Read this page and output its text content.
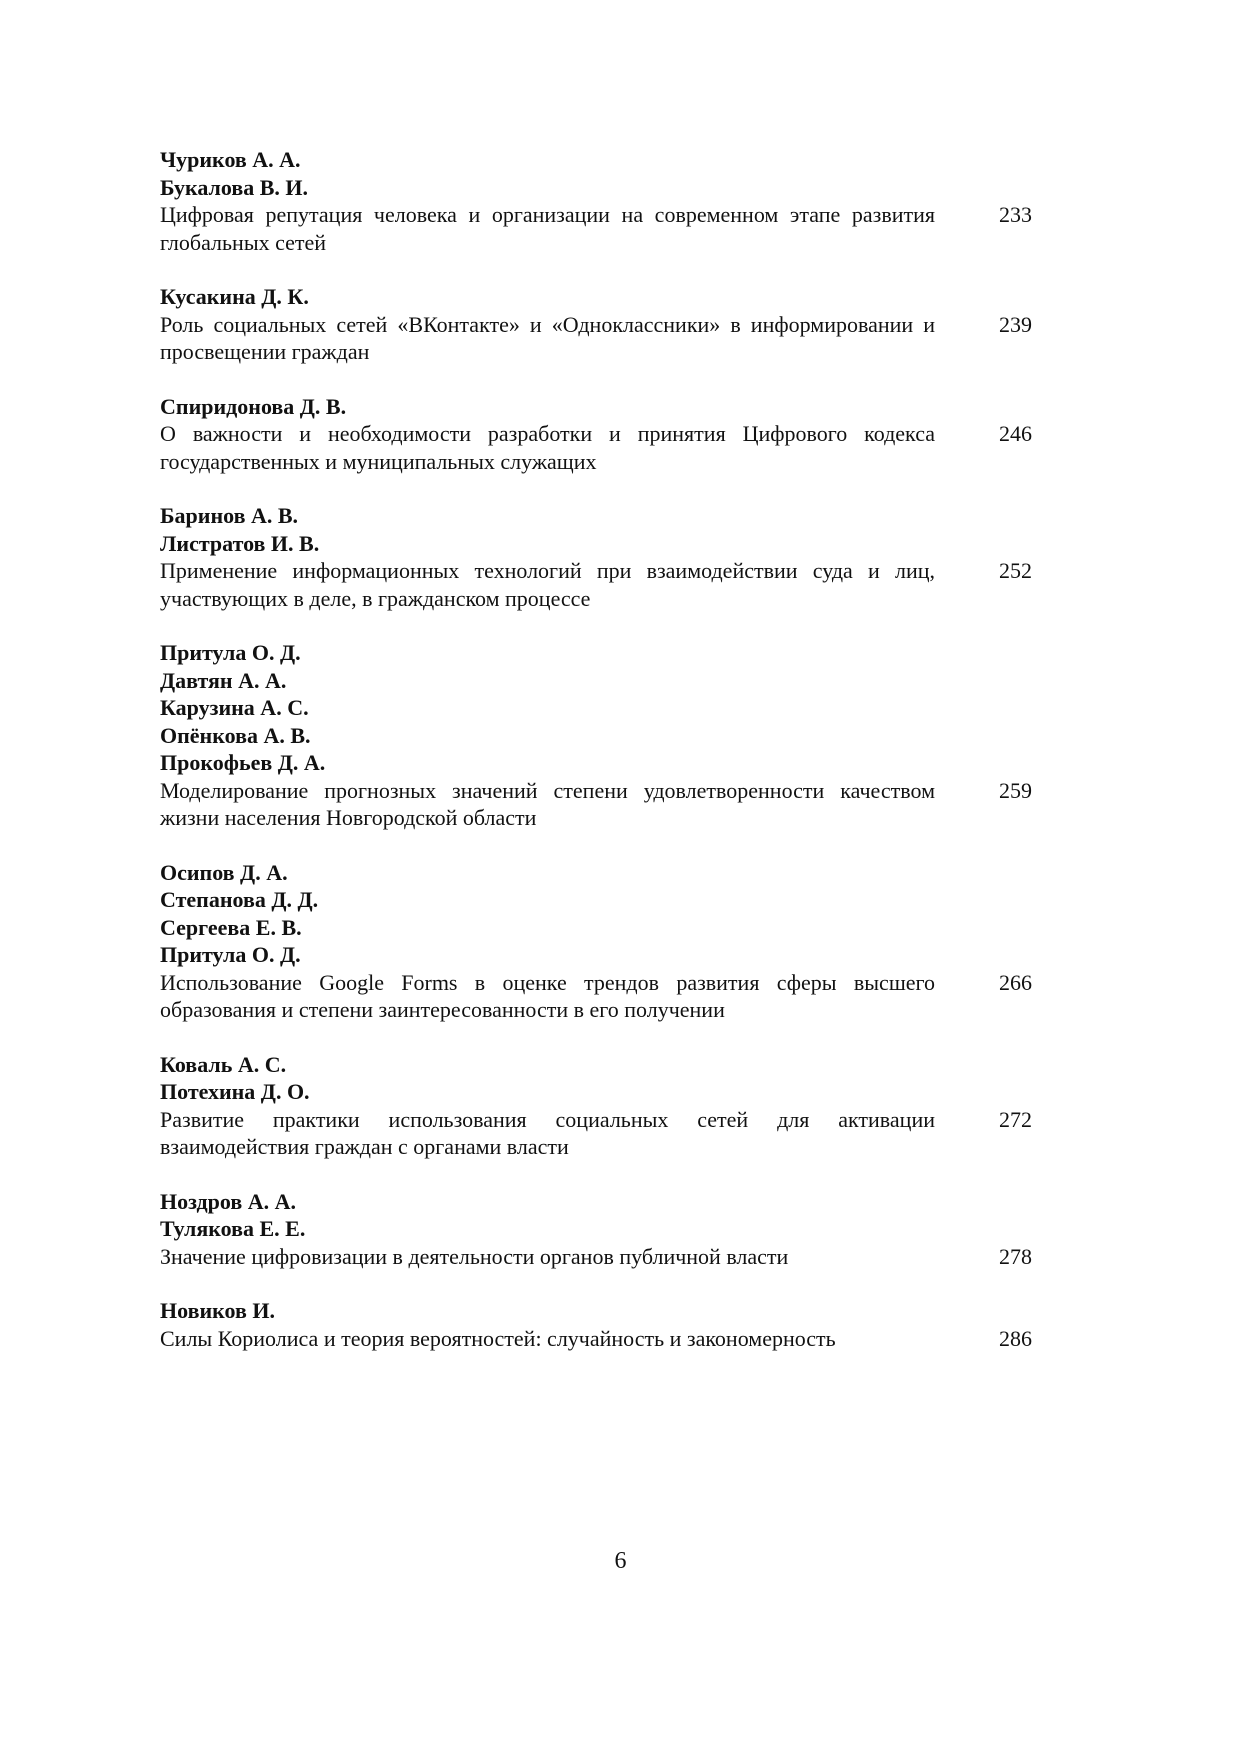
Чуриков А. А.
Букалова В. И.
Цифровая репутация человека и организации на современном этапе развития глобальных сетей
233
Кусакина Д. К.
Роль социальных сетей «ВКонтакте» и «Одноклассники» в информировании и просвещении граждан
239
Спиридонова Д. В.
О важности и необходимости разработки и принятия Цифрового кодекса государственных и муниципальных служащих
246
Баринов А. В.
Листратов И. В.
Применение информационных технологий при взаимодействии суда и лиц, участвующих в деле, в гражданском процессе
252
Притула О. Д.
Давтян А. А.
Карузина А. С.
Опёнкова А. В.
Прокофьев Д. А.
Моделирование прогнозных значений степени удовлетворенности качеством жизни населения Новгородской области
259
Осипов Д. А.
Степанова Д. Д.
Сергеева Е. В.
Притула О. Д.
Использование Google Forms в оценке трендов развития сферы высшего образования и степени заинтересованности в его получении
266
Коваль А. С.
Потехина Д. О.
Развитие практики использования социальных сетей для активации взаимодействия граждан с органами власти
272
Ноздров А. А.
Тулякова Е. Е.
Значение цифровизации в деятельности органов публичной власти	278
Новиков И.
Силы Кориолиса и теория вероятностей: случайность и закономерность	286
6
